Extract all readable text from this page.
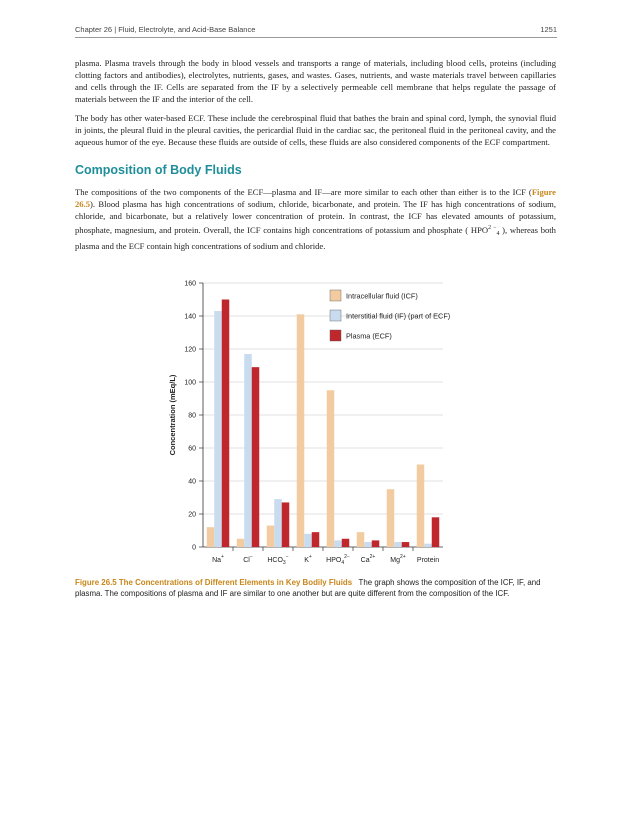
Chapter 26 | Fluid, Electrolyte, and Acid-Base Balance	1251

plasma. Plasma travels through the body in blood vessels and transports a range of materials, including blood cells, proteins (including clotting factors and antibodies), electrolytes, nutrients, gases, and wastes. Gases, nutrients, and waste materials travel between capillaries and cells through the IF. Cells are separated from the IF by a selectively permeable cell membrane that helps regulate the passage of materials between the IF and the interior of the cell.

The body has other water-based ECF. These include the cerebrospinal fluid that bathes the brain and spinal cord, lymph, the synovial fluid in joints, the pleural fluid in the pleural cavities, the pericardial fluid in the cardiac sac, the peritoneal fluid in the peritoneal cavity, and the aqueous humor of the eye. Because these fluids are outside of cells, these fluids are also considered components of the ECF compartment.

Composition of Body Fluids

The compositions of the two components of the ECF—plasma and IF—are more similar to each other than either is to the ICF (Figure 26.5). Blood plasma has high concentrations of sodium, chloride, bicarbonate, and protein. The IF has high concentrations of sodium, chloride, and bicarbonate, but a relatively lower concentration of protein. In contrast, the ICF has elevated amounts of potassium, phosphate, magnesium, and protein. Overall, the ICF contains high concentrations of potassium and phosphate ( $HPO^{2 -}_4$ ), whereas both plasma and the ECF contain high concentrations of sodium and chloride.

0
20
40
60
80
100
120
140
160
Concentration (mEq/L)
Na+	Cl− $HCO_3^-$ K+ $HPO_4^{2-}$ $Ca^{2+}$ $Mg^{2+}$ Protein
Intracellular fluid (ICF)
Interstitial fluid (IF) (part of ECF)
Plasma (ECF)

Figure 26.5 The Concentrations of Different Elements in Key Bodily Fluids The graph shows the composition of the ICF, IF, and plasma. The compositions of plasma and IF are similar to one another but are quite different from the composition of the ICF.
